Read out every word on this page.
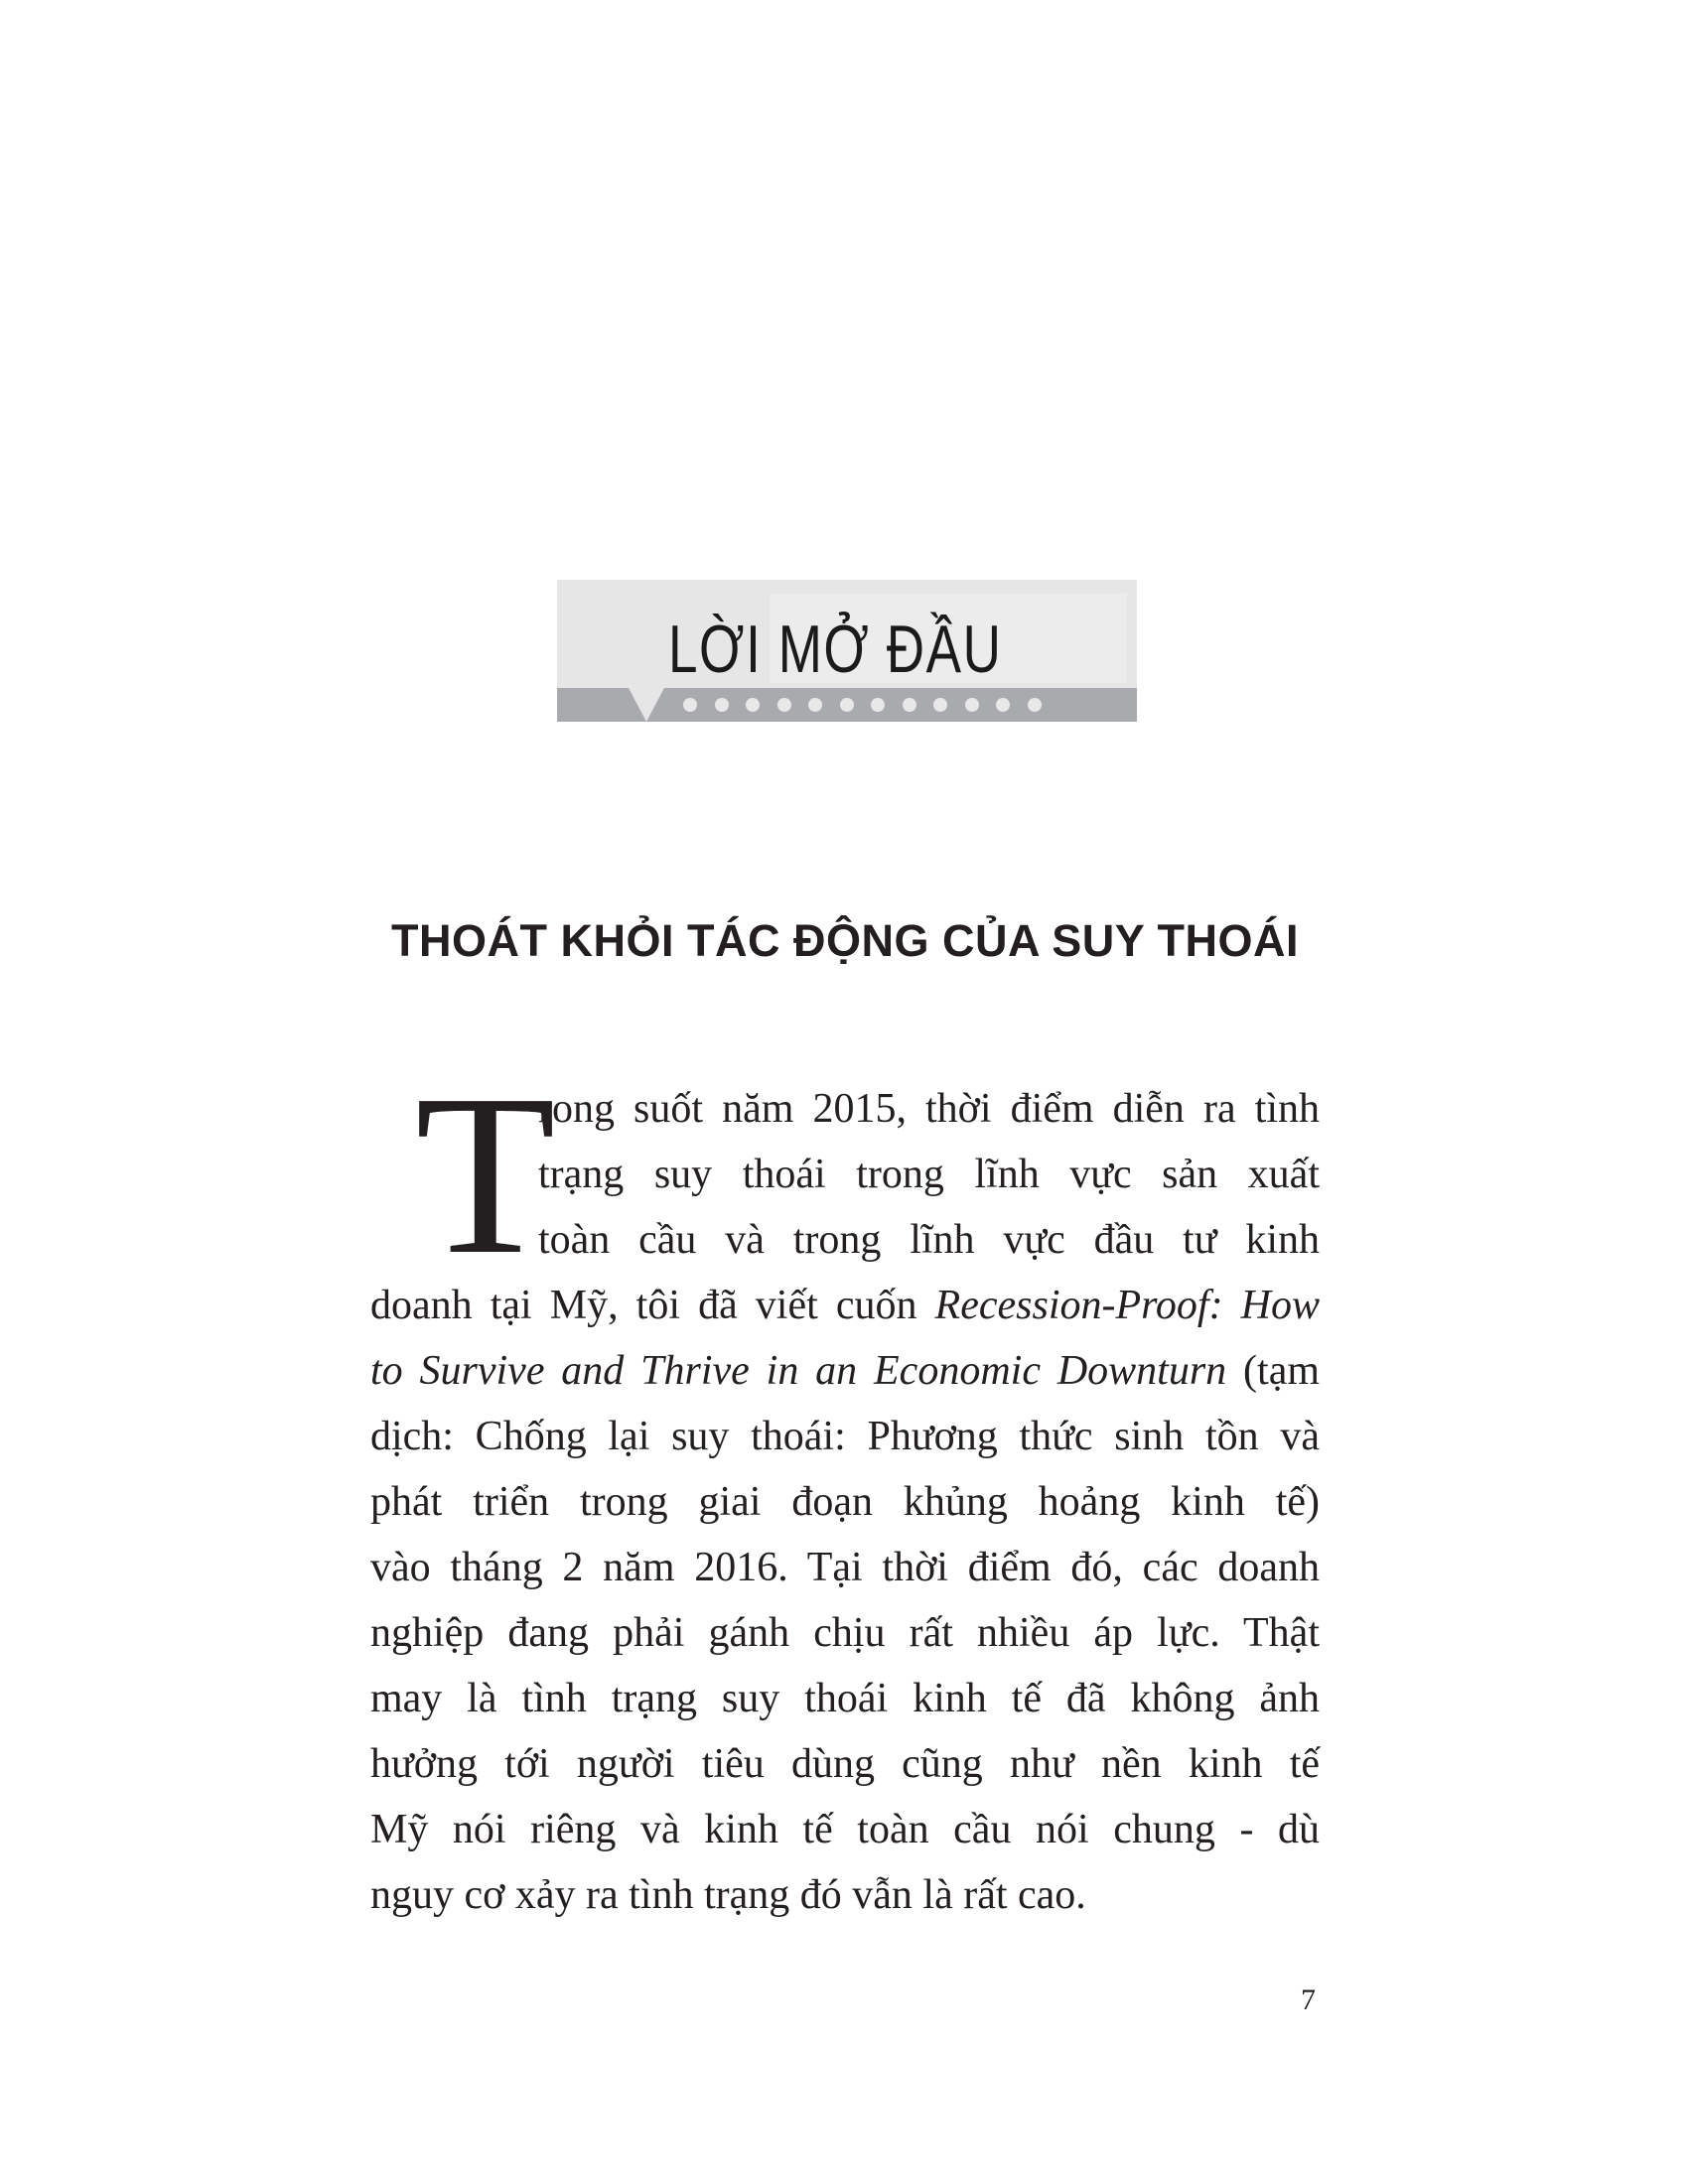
LỜI MỞ ĐẦU
THOÁT KHỎI TÁC ĐỘNG CỦA SUY THOÁI
T
rong suốt năm 2015, thời điểm diễn ra tình
trạng suy thoái trong lĩnh vực sản xuất
toàn cầu và trong lĩnh vực đầu tư kinh
doanh tại Mỹ, tôi đã viết cuốn Recession-Proof: How
to Survive and Thrive in an Economic Downturn (tạm
dịch: Chống lại suy thoái: Phương thức sinh tồn và
phát triển trong giai đoạn khủng hoảng kinh tế)
vào tháng 2 năm 2016. Tại thời điểm đó, các doanh
nghiệp đang phải gánh chịu rất nhiều áp lực. Thật
may là tình trạng suy thoái kinh tế đã không ảnh
hưởng tới người tiêu dùng cũng như nền kinh tế
Mỹ nói riêng và kinh tế toàn cầu nói chung - dù
nguy cơ xảy ra tình trạng đó vẫn là rất cao.
7
